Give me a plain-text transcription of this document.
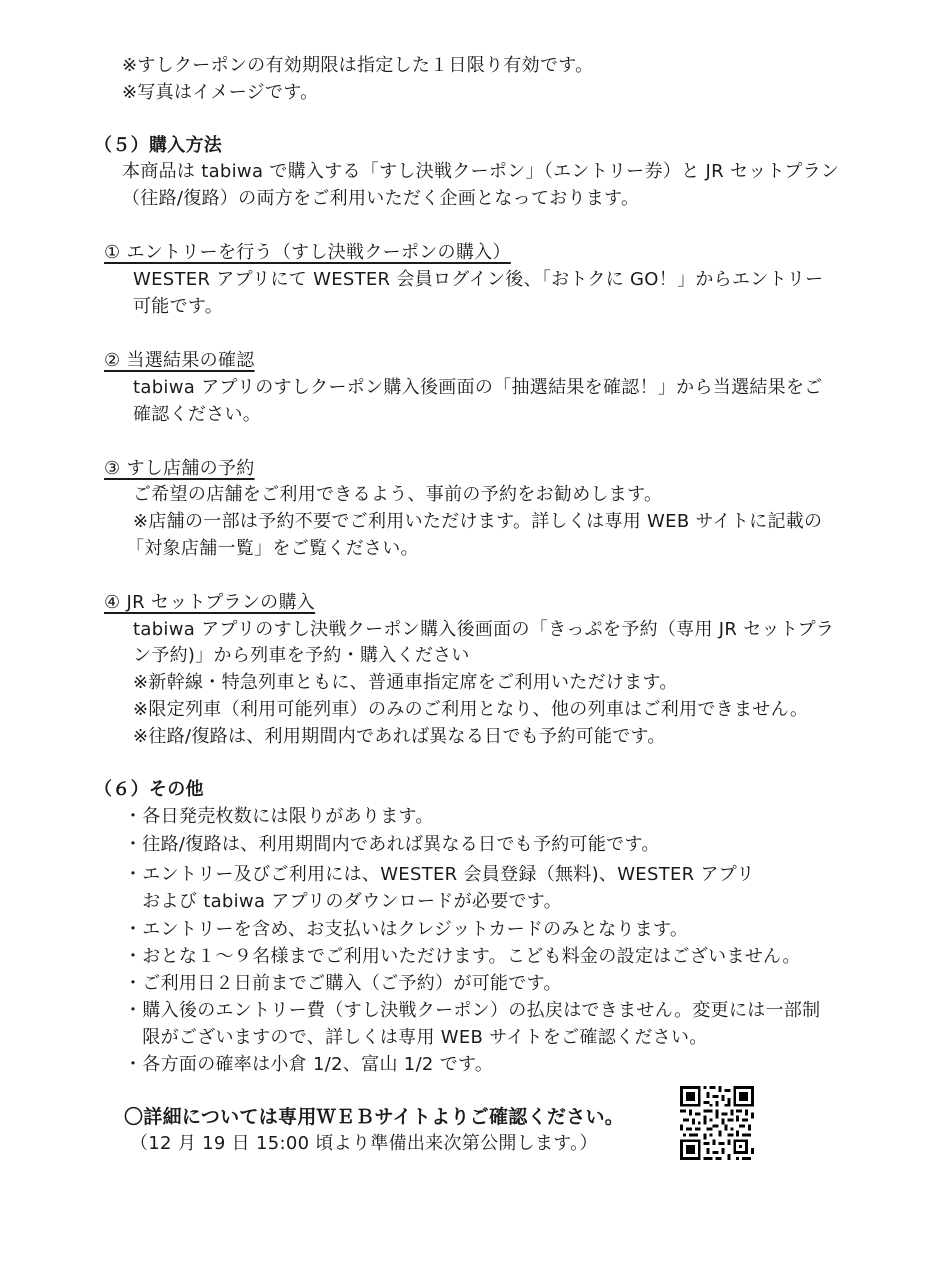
※すしクーポンの有効期限は指定した１日限り有効です。
※写真はイメージです。
（５）購入方法
本商品は tabiwa で購入する「すし決戦クーポン」（エントリー券）と JR セットプラン
（往路/復路）の両方をご利用いただく企画となっております。
① エントリーを行う（すし決戦クーポンの購入）
WESTER アプリにて WESTER 会員ログイン後、「おトクに GO！」からエントリー
可能です。
② 当選結果の確認
tabiwa アプリのすしクーポン購入後画面の「抽選結果を確認！」から当選結果をご
確認ください。
③ すし店舗の予約
ご希望の店舗をご利用できるよう、事前の予約をお勧めします。
※店舗の一部は予約不要でご利用いただけます。詳しくは専用 WEB サイトに記載の
「対象店舗一覧」をご覧ください。
④ JR セットプランの購入
tabiwa アプリのすし決戦クーポン購入後画面の「きっぷを予約（専用 JR セットプラ
ン予約)」から列車を予約・購入ください
※新幹線・特急列車ともに、普通車指定席をご利用いただけます。
※限定列車（利用可能列車）のみのご利用となり、他の列車はご利用できません。
※往路/復路は、利用期間内であれば異なる日でも予約可能です。
（６）その他
・各日発売枚数には限りがあります。
・往路/復路は、利用期間内であれば異なる日でも予約可能です。
・エントリー及びご利用には、WESTER 会員登録（無料)、WESTER アプリ
　および tabiwa アプリのダウンロードが必要です。
・エントリーを含め、お支払いはクレジットカードのみとなります。
・おとな１～９名様までご利用いただけます。こども料金の設定はございません。
・ご利用日２日前までご購入（ご予約）が可能です。
・購入後のエントリー費（すし決戦クーポン）の払戻はできません。変更には一部制
　限がございますので、詳しくは専用 WEB サイトをご確認ください。
・各方面の確率は小倉 1/2、富山 1/2 です。
〇詳細については専用ＷＥＢサイトよりご確認ください。
（12 月 19 日 15:00 頃より準備出来次第公開します。）
